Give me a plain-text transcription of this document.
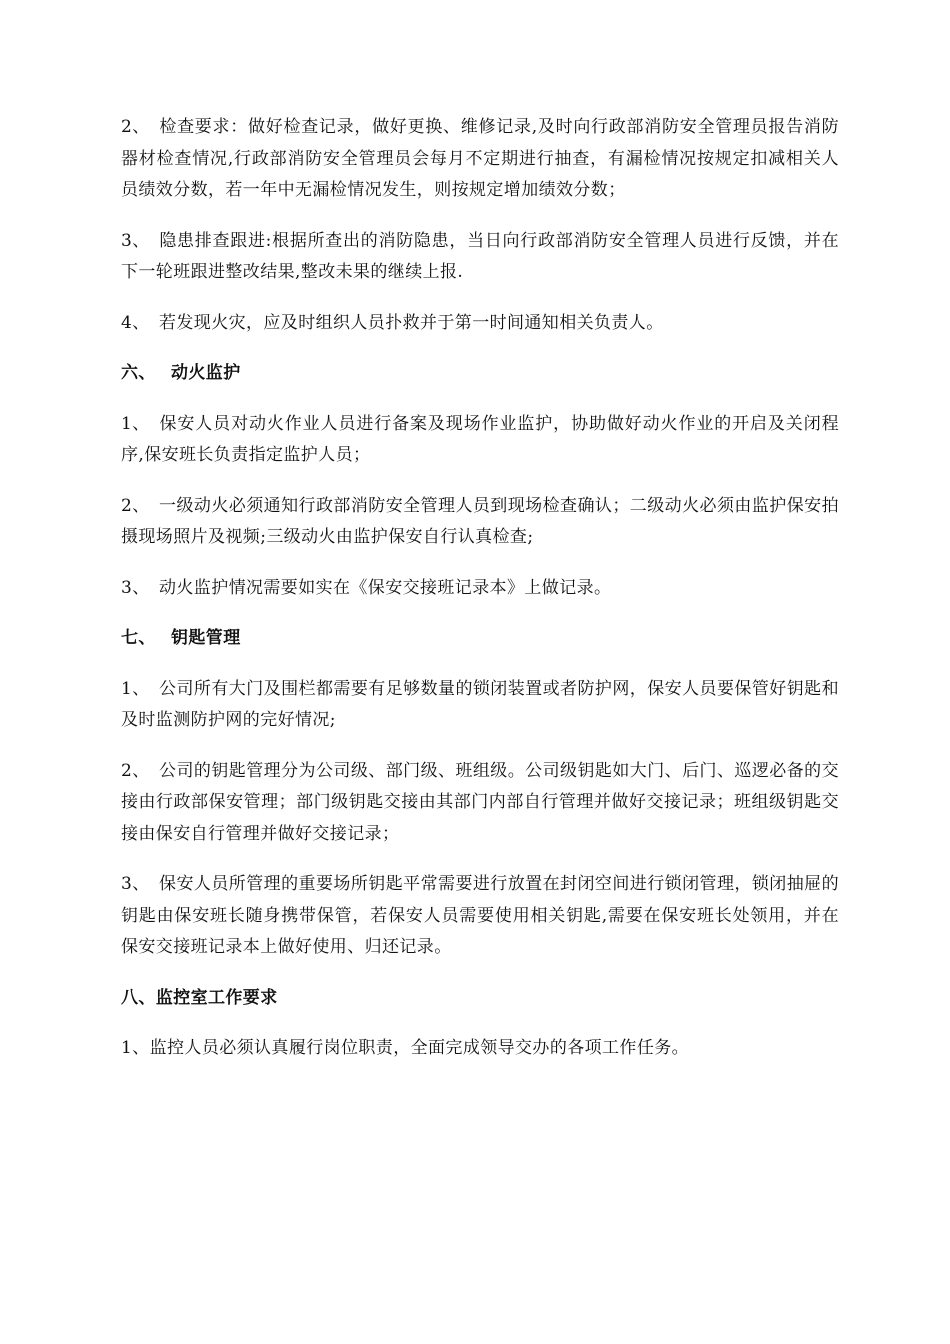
2、 检查要求：做好检查记录，做好更换、维修记录,及时向行政部消防安全管理员报告消防器材检查情况,行政部消防安全管理员会每月不定期进行抽查，有漏检情况按规定扣减相关人员绩效分数，若一年中无漏检情况发生，则按规定增加绩效分数；

3、 隐患排查跟进:根据所查出的消防隐患，当日向行政部消防安全管理人员进行反馈，并在下一轮班跟进整改结果,整改未果的继续上报.

4、 若发现火灾，应及时组织人员扑救并于第一时间通知相关负责人。

六、 动火监护

1、 保安人员对动火作业人员进行备案及现场作业监护，协助做好动火作业的开启及关闭程序,保安班长负责指定监护人员；

2、 一级动火必须通知行政部消防安全管理人员到现场检查确认；二级动火必须由监护保安拍摄现场照片及视频;三级动火由监护保安自行认真检查;

3、 动火监护情况需要如实在《保安交接班记录本》上做记录。

七、 钥匙管理

1、 公司所有大门及围栏都需要有足够数量的锁闭装置或者防护网，保安人员要保管好钥匙和及时监测防护网的完好情况;

2、 公司的钥匙管理分为公司级、部门级、班组级。公司级钥匙如大门、后门、巡逻必备的交接由行政部保安管理；部门级钥匙交接由其部门内部自行管理并做好交接记录；班组级钥匙交接由保安自行管理并做好交接记录；

3、 保安人员所管理的重要场所钥匙平常需要进行放置在封闭空间进行锁闭管理，锁闭抽屉的钥匙由保安班长随身携带保管，若保安人员需要使用相关钥匙,需要在保安班长处领用，并在保安交接班记录本上做好使用、归还记录。

八、监控室工作要求

1、监控人员必须认真履行岗位职责，全面完成领导交办的各项工作任务。
